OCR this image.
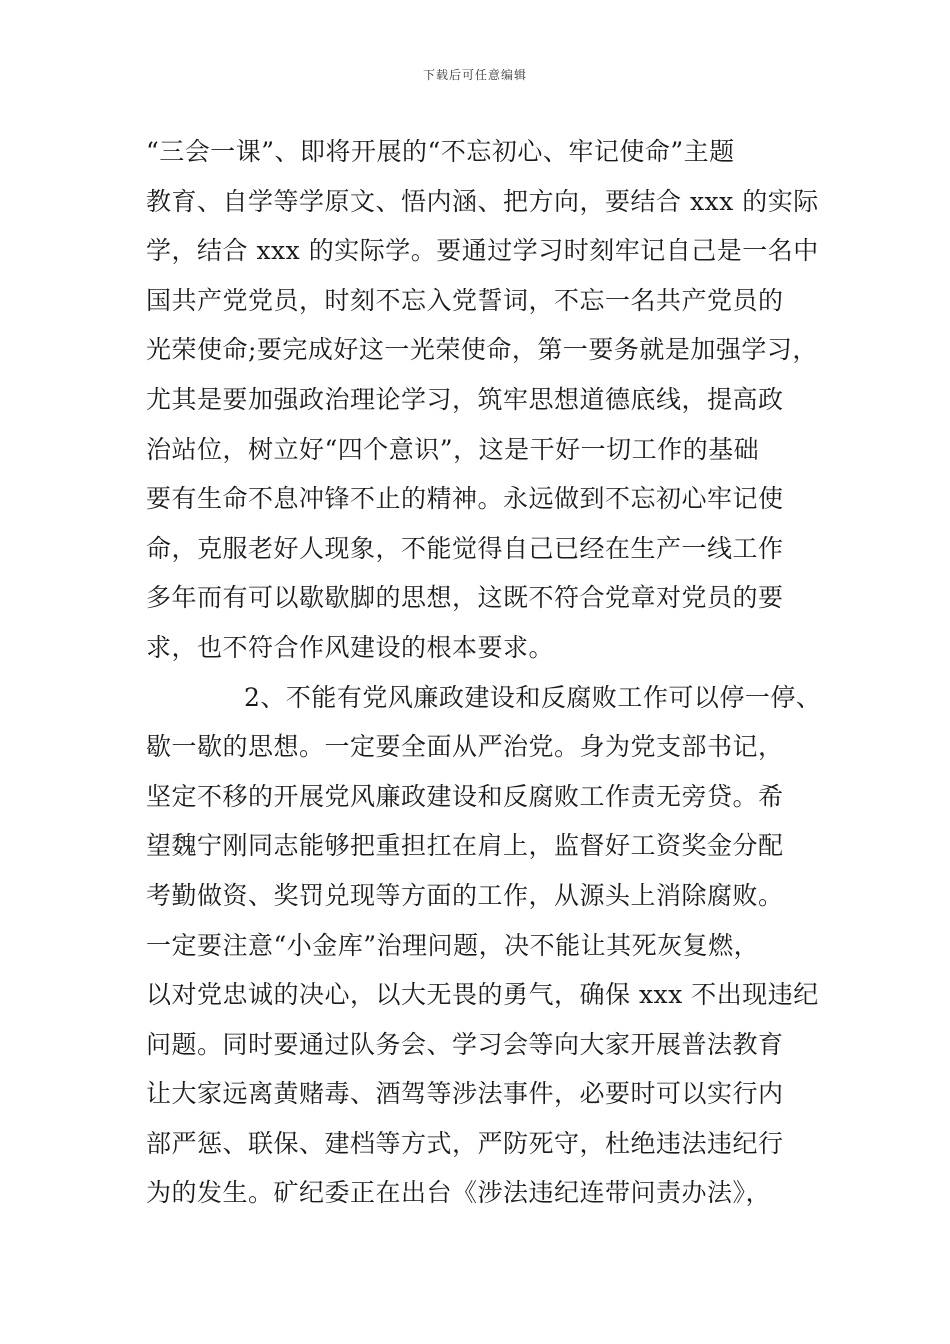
下载后可任意编辑
“三会一课”、即将开展的“不忘初心、牢记使命”主题
教育、自学等学原文、悟内涵、把方向，要结合 xxx 的实际
学，结合 xxx 的实际学。要通过学习时刻牢记自己是一名中
国共产党党员，时刻不忘入党誓词，不忘一名共产党员的
光荣使命;要完成好这一光荣使命，第一要务就是加强学习，
尤其是要加强政治理论学习，筑牢思想道德底线，提高政
治站位，树立好“四个意识”，这是干好一切工作的基础
要有生命不息冲锋不止的精神。永远做到不忘初心牢记使
命，克服老好人现象，不能觉得自己已经在生产一线工作
多年而有可以歇歇脚的思想，这既不符合党章对党员的要
求，也不符合作风建设的根本要求。
2、不能有党风廉政建设和反腐败工作可以停一停、
歇一歇的思想。一定要全面从严治党。身为党支部书记，
坚定不移的开展党风廉政建设和反腐败工作责无旁贷。希
望魏宁刚同志能够把重担扛在肩上，监督好工资奖金分配
考勤做资、奖罚兑现等方面的工作，从源头上消除腐败。
一定要注意“小金库”治理问题，决不能让其死灰复燃，
以对党忠诚的决心，以大无畏的勇气，确保 xxx 不出现违纪
问题。同时要通过队务会、学习会等向大家开展普法教育
让大家远离黄赌毒、酒驾等涉法事件，必要时可以实行内
部严惩、联保、建档等方式，严防死守，杜绝违法违纪行
为的发生。矿纪委正在出台《涉法违纪连带问责办法》，
